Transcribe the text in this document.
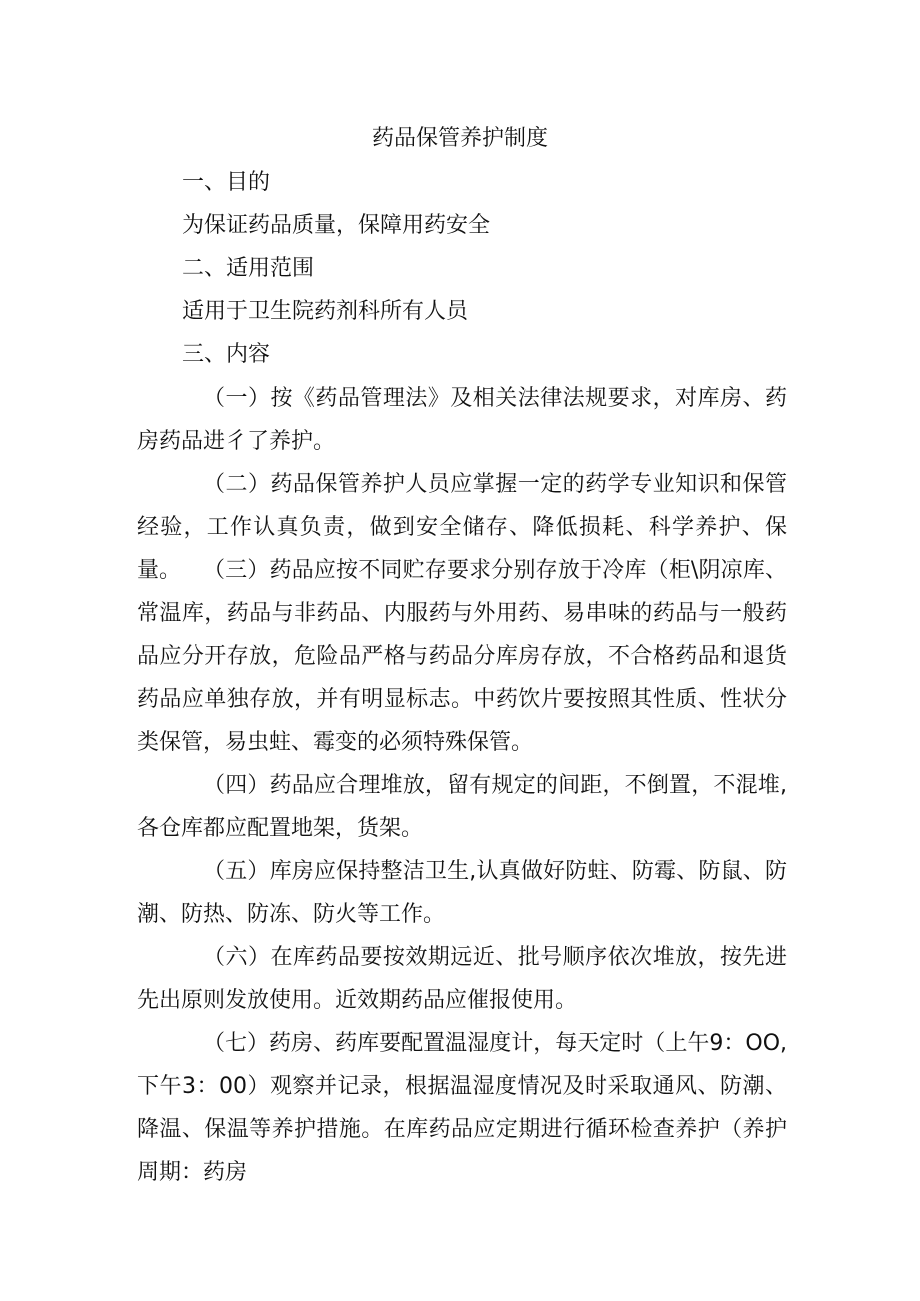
药品保管养护制度
一、目的
为保证药品质量，保障用药安全
二、适用范围
适用于卫生院药剂科所有人员
三、内容

（一）按《药品管理法》及相关法律法规要求，对库房、药房药品进彳了养护。

（二）药品保管养护人员应掌握一定的药学专业知识和保管经验，工作认真负责，做到安全储存、降低损耗、科学养护、保量。 （三）药品应按不同贮存要求分别存放于冷库（柜\阴凉库、常温库，药品与非药品、内服药与外用药、易串味的药品与一般药品应分开存放，危险品严格与药品分库房存放，不合格药品和退货药品应单独存放，并有明显标志。中药饮片要按照其性质、性状分类保管，易虫蛀、霉变的必须特殊保管。

（四）药品应合理堆放，留有规定的间距，不倒置，不混堆,各仓库都应配置地架，货架。

（五）库房应保持整洁卫生,认真做好防蛀、防霉、防鼠、防潮、防热、防冻、防火等工作。

（六）在库药品要按效期远近、批号顺序依次堆放，按先进先出原则发放使用。近效期药品应催报使用。

（七）药房、药库要配置温湿度计，每天定时（上午9：OO,下午3：00）观察并记录，根据温湿度情况及时采取通风、防潮、降温、保温等养护措施。在库药品应定期进行循环检查养护（养护周期：药房
